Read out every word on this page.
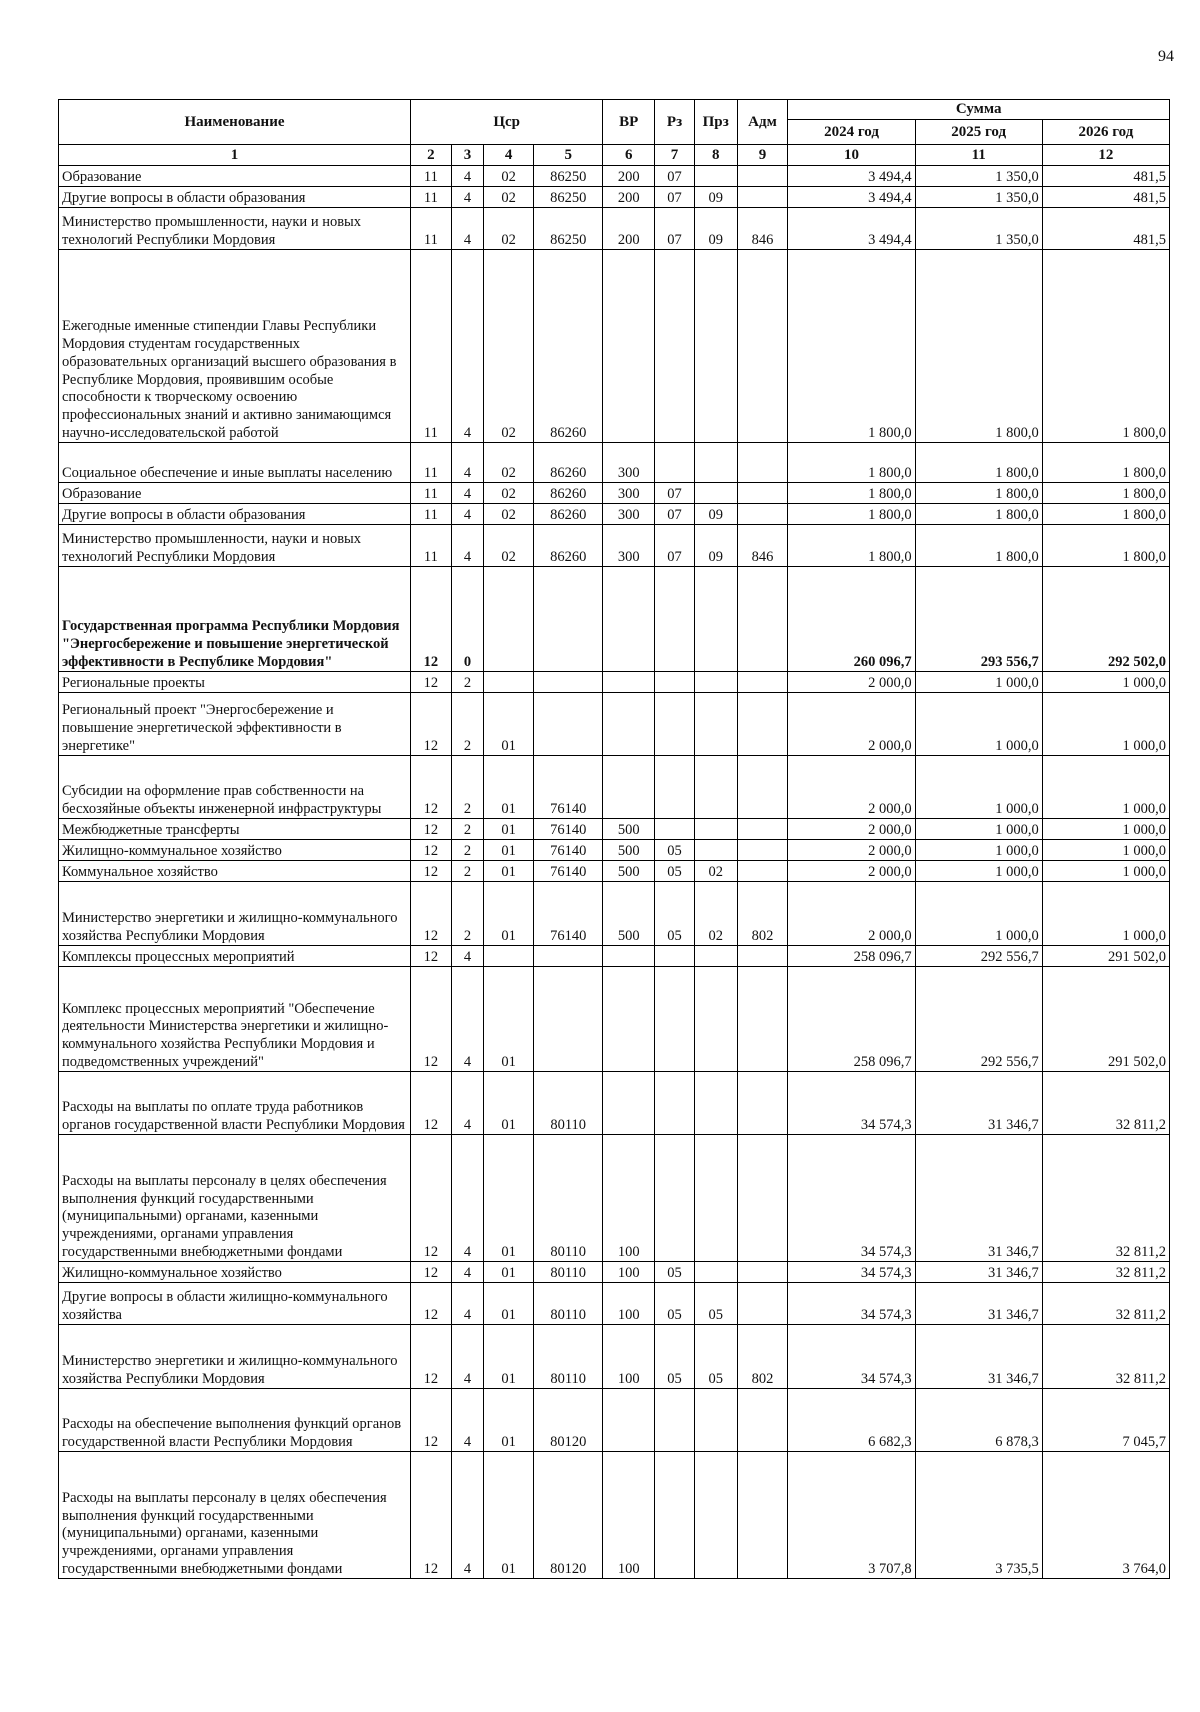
94
Наименование	Цср				ВР	Рз	Прз	Адм	Сумма		
									2024 год	2025 год	2026 год
1	2	3	4	5	6	7	8	9	10	11	12
Образование	11	4	02	86250	200	07			3 494,4	1 350,0	481,5
Другие вопросы в области образования	11	4	02	86250	200	07	09		3 494,4	1 350,0	481,5
Министерство промышленности, науки и новых технологий Республики Мордовия	11	4	02	86250	200	07	09	846	3 494,4	1 350,0	481,5
Ежегодные именные стипендии Главы Республики Мордовия студентам государственных образовательных организаций высшего образования в Республике Мордовия, проявившим особые способности к творческому освоению профессиональных знаний и активно занимающимся научно-исследовательской работой	11	4	02	86260					1 800,0	1 800,0	1 800,0
Социальное обеспечение и иные выплаты населению	11	4	02	86260	300				1 800,0	1 800,0	1 800,0
Образование	11	4	02	86260	300	07			1 800,0	1 800,0	1 800,0
Другие вопросы в области образования	11	4	02	86260	300	07	09		1 800,0	1 800,0	1 800,0
Министерство промышленности, науки и новых технологий Республики Мордовия	11	4	02	86260	300	07	09	846	1 800,0	1 800,0	1 800,0
Государственная программа Республики Мордовия "Энергосбережение и повышение энергетической эффективности в Республике Мордовия"	12	0							260 096,7	293 556,7	292 502,0
Региональные проекты	12	2							2 000,0	1 000,0	1 000,0
Региональный проект "Энергосбережение и повышение энергетической эффективности в энергетике"	12	2	01						2 000,0	1 000,0	1 000,0
Субсидии на оформление прав собственности на бесхозяйные объекты инженерной инфраструктуры	12	2	01	76140					2 000,0	1 000,0	1 000,0
Межбюджетные трансферты	12	2	01	76140	500				2 000,0	1 000,0	1 000,0
Жилищно-коммунальное хозяйство	12	2	01	76140	500	05			2 000,0	1 000,0	1 000,0
Коммунальное хозяйство	12	2	01	76140	500	05	02		2 000,0	1 000,0	1 000,0
Министерство энергетики и жилищно-коммунального хозяйства Республики Мордовия	12	2	01	76140	500	05	02	802	2 000,0	1 000,0	1 000,0
Комплексы процессных мероприятий	12	4							258 096,7	292 556,7	291 502,0
Комплекс процессных мероприятий "Обеспечение деятельности Министерства энергетики и жилищно-коммунального хозяйства Республики Мордовия и подведомственных учреждений"	12	4	01						258 096,7	292 556,7	291 502,0
Расходы на выплаты по оплате труда работников органов государственной власти Республики Мордовия	12	4	01	80110					34 574,3	31 346,7	32 811,2
Расходы на выплаты персоналу в целях обеспечения выполнения функций государственными (муниципальными) органами, казенными учреждениями, органами управления государственными внебюджетными фондами	12	4	01	80110	100				34 574,3	31 346,7	32 811,2
Жилищно-коммунальное хозяйство	12	4	01	80110	100	05			34 574,3	31 346,7	32 811,2
Другие вопросы в области жилищно-коммунального хозяйства	12	4	01	80110	100	05	05		34 574,3	31 346,7	32 811,2
Министерство энергетики и жилищно-коммунального хозяйства Республики Мордовия	12	4	01	80110	100	05	05	802	34 574,3	31 346,7	32 811,2
Расходы на обеспечение выполнения функций органов государственной власти Республики Мордовия	12	4	01	80120					6 682,3	6 878,3	7 045,7
Расходы на выплаты персоналу в целях обеспечения выполнения функций государственными (муниципальными) органами, казенными учреждениями, органами управления государственными внебюджетными фондами	12	4	01	80120	100				3 707,8	3 735,5	3 764,0
